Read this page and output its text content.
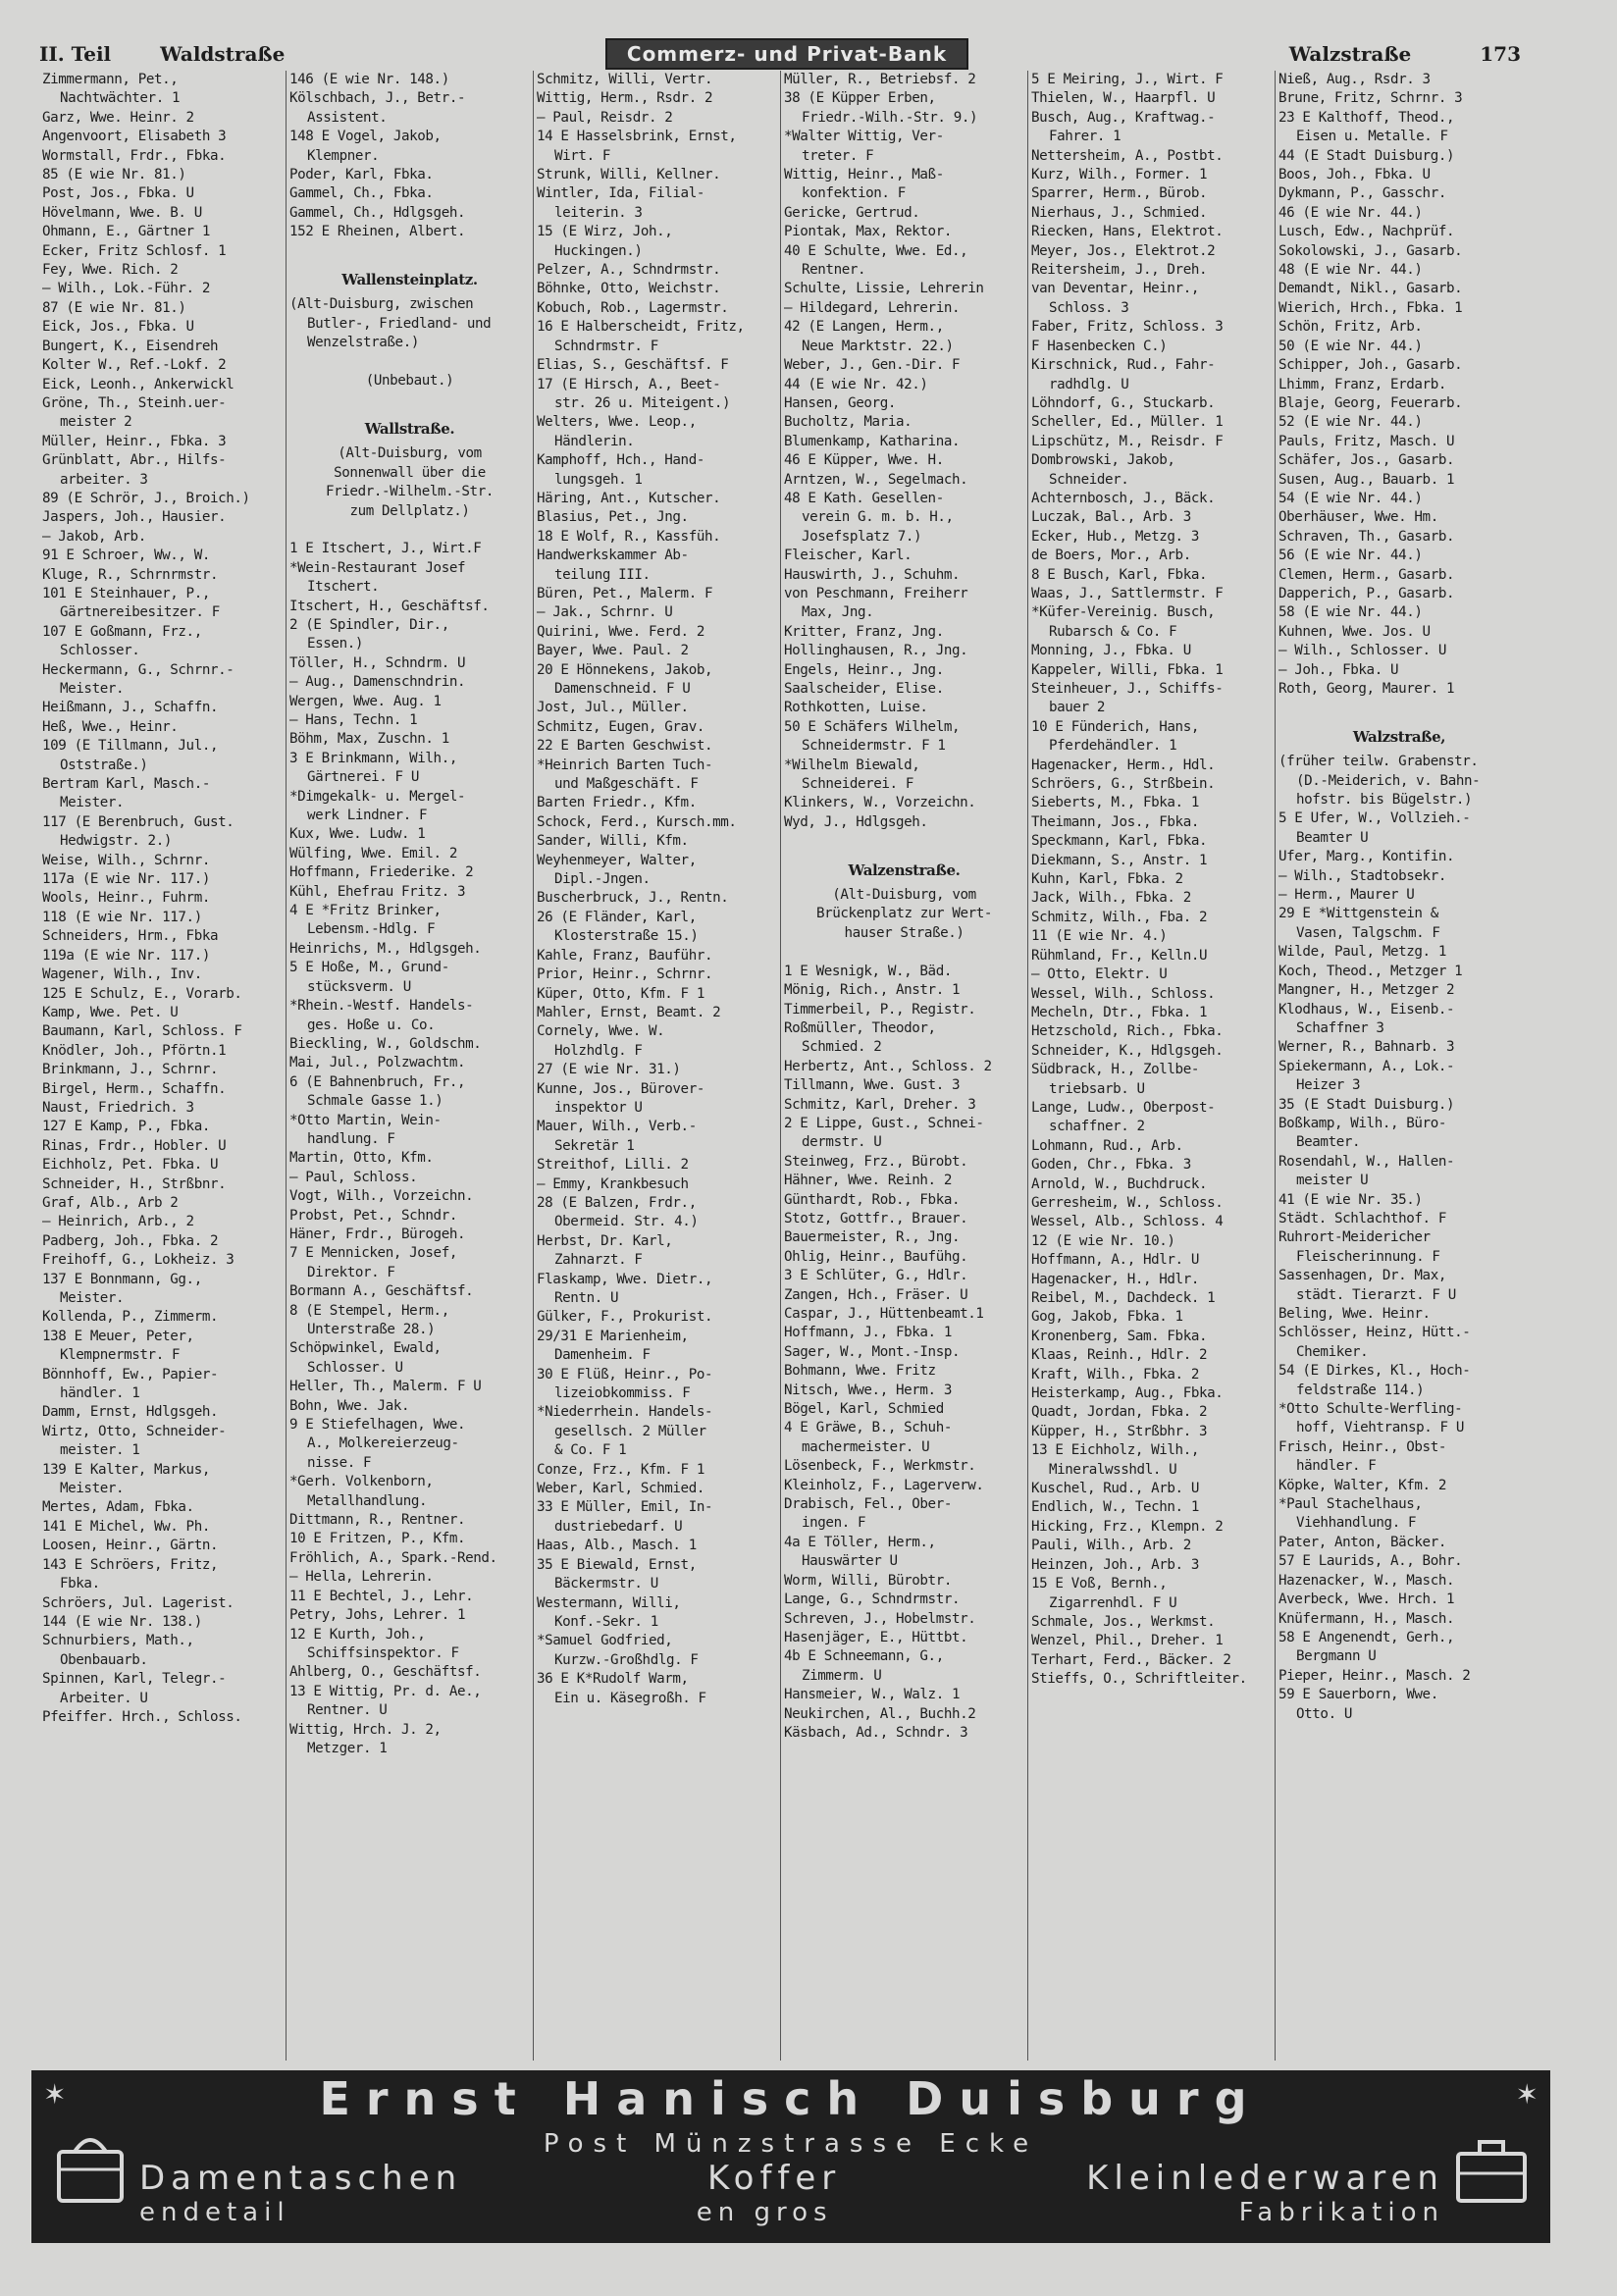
II. Teil	Waldstraße	Commerz- und Privat-Bank	Walzstraße	173
Zimmermann, Pet.,
Nachtwächter. 1
Garz, Wwe. Heinr. 2
Angenvoort, Elisabeth 3
Wormstall, Frdr., Fbka.
85 (E wie Nr. 81.)
Post, Jos., Fbka. U
Hövelmann, Wwe. B. U
Ohmann, E., Gärtner 1
Ecker, Fritz Schlosf. 1
Fey, Wwe. Rich. 2
— Wilh., Lok.-Führ. 2
87 (E wie Nr. 81.)
Eick, Jos., Fbka. U
Bungert, K., Eisendreh
Kolter W., Ref.-Lokf. 2
Eick, Leonh., Ankerwickl
Gröne, Th., Steinh.uer-
meister 2
Müller, Heinr., Fbka. 3
Grünblatt, Abr., Hilfs-
arbeiter. 3
89 (E Schrör, J., Broich.)
Jaspers, Joh., Hausier.
— Jakob, Arb.
91 E Schroer, Ww., W.
Kluge, R., Schrnrmstr.
101 E Steinhauer, P.,
Gärtnereibesitzer. F
107 E Goßmann, Frz.,
Schlosser.
Heckermann, G., Schrnr.-
Meister.
Heißmann, J., Schaffn.
Heß, Wwe., Heinr.
109 (E Tillmann, Jul.,
Oststraße.)
Bertram Karl, Masch.-
Meister.
117 (E Berenbruch, Gust.
Hedwigstr. 2.)
Weise, Wilh., Schrnr.
117a (E wie Nr. 117.)
Wools, Heinr., Fuhrm.
118 (E wie Nr. 117.)
Schneiders, Hrm., Fbka
119a (E wie Nr. 117.)
Wagener, Wilh., Inv.
125 E Schulz, E., Vorarb.
Kamp, Wwe. Pet. U
Baumann, Karl, Schloss. F
Knödler, Joh., Pförtn.1
Brinkmann, J., Schrnr.
Birgel, Herm., Schaffn.
Naust, Friedrich. 3
127 E Kamp, P., Fbka.
Rinas, Frdr., Hobler. U
Eichholz, Pet. Fbka. U
Schneider, H., Strßbnr.
Graf, Alb., Arb 2
— Heinrich, Arb., 2
Padberg, Joh., Fbka. 2
Freihoff, G., Lokheiz. 3
137 E Bonnmann, Gg.,
Meister.
Kollenda, P., Zimmerm.
138 E Meuer, Peter,
Klempnermstr. F
Bönnhoff, Ew., Papier-
händler. 1
Damm, Ernst, Hdlgsgeh.
Wirtz, Otto, Schneider-
meister. 1
139 E Kalter, Markus,
Meister.
Mertes, Adam, Fbka.
141 E Michel, Ww. Ph.
Loosen, Heinr., Gärtn.
143 E Schröers, Fritz,
Fbka.
Schröers, Jul. Lagerist.
144 (E wie Nr. 138.)
Schnurbiers, Math.,
Obenbauarb.
Spinnen, Karl, Telegr.-
Arbeiter. U
Pfeiffer. Hrch., Schloss.
146 (E wie Nr. 148.)
Kölschbach, J., Betr.-
Assistent.
148 E Vogel, Jakob,
Klempner.
Poder, Karl, Fbka.
Gammel, Ch., Fbka.
Gammel, Ch., Hdlgsgeh.
152 E Rheinen, Albert.

Wallensteinplatz.
(Alt-Duisburg, zwischen
Butler-, Friedland- und
Wenzelstraße.)

(Unbebaut.)

Wallstraße.
(Alt-Duisburg, vom
Sonnenwall über die
Friedr.-Wilhelm.-Str.
zum Dellplatz.)

1 E Itschert, J., Wirt.F
*Wein-Restaurant Josef
Itschert.
Itschert, H., Geschäftsf.
2 (E Spindler, Dir.,
Essen.)
Töller, H., Schndrm. U
— Aug., Damenschndrin.
Wergen, Wwe. Aug. 1
— Hans, Techn. 1
Böhm, Max, Zuschn. 1
3 E Brinkmann, Wilh.,
Gärtnerei. F U
*Dimgekalk- u. Mergel-
werk Lindner. F
Kux, Wwe. Ludw. 1
Wülfing, Wwe. Emil. 2
Hoffmann, Friederike. 2
Kühl, Ehefrau Fritz. 3
4 E *Fritz Brinker,
Lebensm.-Hdlg. F
Heinrichs, M., Hdlgsgeh.
5 E Hoße, M., Grund-
stücksverm. U
*Rhein.-Westf. Handels-
ges. Hoße u. Co.
Bieckling, W., Goldschm.
Mai, Jul., Polzwachtm.
6 (E Bahnenbruch, Fr.,
Schmale Gasse 1.)
*Otto Martin, Wein-
handlung. F
Martin, Otto, Kfm.
— Paul, Schloss.
Vogt, Wilh., Vorzeichn.
Probst, Pet., Schndr.
Häner, Frdr., Bürogeh.
7 E Mennicken, Josef,
Direktor. F
Bormann A., Geschäftsf.
8 (E Stempel, Herm.,
Unterstraße 28.)
Schöpwinkel, Ewald,
Schlosser. U
Heller, Th., Malerm. F U
Bohn, Wwe. Jak.
9 E Stiefelhagen, Wwe.
A., Molkereierzeug-
nisse. F
*Gerh. Volkenborn,
Metallhandlung.
Dittmann, R., Rentner.
10 E Fritzen, P., Kfm.
Fröhlich, A., Spark.-Rend.
— Hella, Lehrerin.
11 E Bechtel, J., Lehr.
Petry, Johs, Lehrer. 1
12 E Kurth, Joh.,
Schiffsinspektor. F
Ahlberg, O., Geschäftsf.
13 E Wittig, Pr. d. Ae.,
Rentner. U
Wittig, Hrch. J. 2,
Metzger. 1
Schmitz, Willi, Vertr.
Wittig, Herm., Rsdr. 2
— Paul, Reisdr. 2
14 E Hasselsbrink, Ernst,
Wirt. F
Strunk, Willi, Kellner.
Wintler, Ida, Filial-
leiterin. 3
15 (E Wirz, Joh.,
Huckingen.)
Pelzer, A., Schndrmstr.
Böhnke, Otto, Weichstr.
Kobuch, Rob., Lagermstr.
16 E Halberscheidt, Fritz,
Schndrmstr. F
Elias, S., Geschäftsf. F
17 (E Hirsch, A., Beet-
str. 26 u. Miteigent.)
Welters, Wwe. Leop.,
Händlerin.
Kamphoff, Hch., Hand-
lungsgeh. 1
Häring, Ant., Kutscher.
Blasius, Pet., Jng.
18 E Wolf, R., Kassfüh.
Handwerkskammer Ab-
teilung III.
Büren, Pet., Malerm. F
— Jak., Schrnr. U
Quirini, Wwe. Ferd. 2
Bayer, Wwe. Paul. 2
20 E Hönnekens, Jakob,
Damenschneid. F U
Jost, Jul., Müller.
Schmitz, Eugen, Grav.
22 E Barten Geschwist.
*Heinrich Barten Tuch-
und Maßgeschäft. F
Barten Friedr., Kfm.
Schock, Ferd., Kursch.mm.
Sander, Willi, Kfm.
Weyhenmeyer, Walter,
Dipl.-Jngen.
Buscherbruck, J., Rentn.
26 (E Fländer, Karl,
Klosterstraße 15.)
Kahle, Franz, Bauführ.
Prior, Heinr., Schrnr.
Küper, Otto, Kfm. F 1
Mahler, Ernst, Beamt. 2
Cornely, Wwe. W.
Holzhdlg. F
27 (E wie Nr. 31.)
Kunne, Jos., Bürover-
inspektor U
Mauer, Wilh., Verb.-
Sekretär 1
Streithof, Lilli. 2
— Emmy, Krankbesuch
28 (E Balzen, Frdr.,
Obermeid. Str. 4.)
Herbst, Dr. Karl,
Zahnarzt. F
Flaskamp, Wwe. Dietr.,
Rentn. U
Gülker, F., Prokurist.
29/31 E Marienheim,
Damenheim. F
30 E Flüß, Heinr., Po-
lizeiobkommiss. F
*Niederrhein. Handels-
gesellsch. 2 Müller
& Co. F 1
Conze, Frz., Kfm. F 1
Weber, Karl, Schmied.
33 E Müller, Emil, In-
dustriebedarf. U
Haas, Alb., Masch. 1
35 E Biewald, Ernst,
Bäckermstr. U
Westermann, Willi,
Konf.-Sekr. 1
*Samuel Godfried,
Kurzw.-Großhdlg. F
36 E K*Rudolf Warm,
Ein u. Käsegroßh. F
Müller, R., Betriebsf. 2
38 (E Küpper Erben,
Friedr.-Wilh.-Str. 9.)
*Walter Wittig, Ver-
treter. F
Wittig, Heinr., Maß-
konfektion. F
Gericke, Gertrud.
Piontak, Max, Rektor.
40 E Schulte, Wwe. Ed.,
Rentner.
Schulte, Lissie, Lehrerin
— Hildegard, Lehrerin.
42 (E Langen, Herm.,
Neue Marktstr. 22.)
Weber, J., Gen.-Dir. F
44 (E wie Nr. 42.)
Hansen, Georg.
Bucholtz, Maria.
Blumenkamp, Katharina.
46 E Küpper, Wwe. H.
Arntzen, W., Segelmach.
48 E Kath. Gesellen-
verein G. m. b. H.,
Josefsplatz 7.)
Fleischer, Karl.
Hauswirth, J., Schuhm.
von Peschmann, Freiherr
Max, Jng.
Kritter, Franz, Jng.
Hollinghausen, R., Jng.
Engels, Heinr., Jng.
Saalscheider, Elise.
Rothkotten, Luise.
50 E Schäfers Wilhelm,
Schneidermstr. F 1
*Wilhelm Biewald,
Schneiderei. F
Klinkers, W., Vorzeichn.
Wyd, J., Hdlgsgeh.

Walzenstraße.
(Alt-Duisburg, vom
Brückenplatz zur Wert-
hauser Straße.)

1 E Wesnigk, W., Bäd.
Mönig, Rich., Anstr. 1
Timmerbeil, P., Registr.
Roßmüller, Theodor,
Schmied. 2
Herbertz, Ant., Schloss. 2
Tillmann, Wwe. Gust. 3
Schmitz, Karl, Dreher. 3
2 E Lippe, Gust., Schnei-
dermstr. U
Steinweg, Frz., Bürobt.
Hähner, Wwe. Reinh. 2
Günthardt, Rob., Fbka.
Stotz, Gottfr., Brauer.
Bauermeister, R., Jng.
Ohlig, Heinr., Baufühg.
3 E Schlüter, G., Hdlr.
Zangen, Hch., Fräser. U
Caspar, J., Hüttenbeamt.1
Hoffmann, J., Fbka. 1
Sager, W., Mont.-Insp.
Bohmann, Wwe. Fritz
Nitsch, Wwe., Herm. 3
Bögel, Karl, Schmied
4 E Gräwe, B., Schuh-
machermeister. U
Lösenbeck, F., Werkmstr.
Kleinholz, F., Lagerverw.
Drabisch, Fel., Ober-
ingen. F
4a E Töller, Herm.,
Hauswärter U
Worm, Willi, Bürobtr.
Lange, G., Schndrmstr.
Schreven, J., Hobelmstr.
Hasenjäger, E., Hüttbt.
4b E Schneemann, G.,
Zimmerm. U
Hansmeier, W., Walz. 1
Neukirchen, Al., Buchh.2
Käsbach, Ad., Schndr. 3
5 E Meiring, J., Wirt. F
Thielen, W., Haarpfl. U
Busch, Aug., Kraftwag.-
Fahrer. 1
Nettersheim, A., Postbt.
Kurz, Wilh., Former. 1
Sparrer, Herm., Bürob.
Nierhaus, J., Schmied.
Riecken, Hans, Elektrot.
Meyer, Jos., Elektrot.2
Reitersheim, J., Dreh.
van Deventar, Heinr.,
Schloss. 3
Faber, Fritz, Schloss. 3
F Hasenbecken C.)
Kirschnick, Rud., Fahr-
radhdlg. U
Löhndorf, G., Stuckarb.
Scheller, Ed., Müller. 1
Lipschütz, M., Reisdr. F
Dombrowski, Jakob,
Schneider.
Achternbosch, J., Bäck.
Luczak, Bal., Arb. 3
Ecker, Hub., Metzg. 3
de Boers, Mor., Arb.
8 E Busch, Karl, Fbka.
Waas, J., Sattlermstr. F
*Küfer-Vereinig. Busch,
Rubarsch & Co. F
Monning, J., Fbka. U
Kappeler, Willi, Fbka. 1
Steinheuer, J., Schiffs-
bauer 2
10 E Fünderich, Hans,
Pferdehändler. 1
Hagenacker, Herm., Hdl.
Schröers, G., Strßbein.
Sieberts, M., Fbka. 1
Theimann, Jos., Fbka.
Speckmann, Karl, Fbka.
Diekmann, S., Anstr. 1
Kuhn, Karl, Fbka. 2
Jack, Wilh., Fbka. 2
Schmitz, Wilh., Fba. 2
11 (E wie Nr. 4.)
Rühmland, Fr., Kelln.U
— Otto, Elektr. U
Wessel, Wilh., Schloss.
Mecheln, Dtr., Fbka. 1
Hetzschold, Rich., Fbka.
Schneider, K., Hdlgsgeh.
Südbrack, H., Zollbe-
triebsarb. U
Lange, Ludw., Oberpost-
schaffner. 2
Lohmann, Rud., Arb.
Goden, Chr., Fbka. 3
Arnold, W., Buchdruck.
Gerresheim, W., Schloss.
Wessel, Alb., Schloss. 4
12 (E wie Nr. 10.)
Hoffmann, A., Hdlr. U
Hagenacker, H., Hdlr.
Reibel, M., Dachdeck. 1
Gog, Jakob, Fbka. 1
Kronenberg, Sam. Fbka.
Klaas, Reinh., Hdlr. 2
Kraft, Wilh., Fbka. 2
Heisterkamp, Aug., Fbka.
Quadt, Jordan, Fbka. 2
Küpper, H., Strßbhr. 3
13 E Eichholz, Wilh.,
Mineralwsshdl. U
Kuschel, Rud., Arb. U
Endlich, W., Techn. 1
Hicking, Frz., Klempn. 2
Pauli, Wilh., Arb. 2
Heinzen, Joh., Arb. 3
15 E Voß, Bernh.,
Zigarrenhdl. F U
Schmale, Jos., Werkmst.
Wenzel, Phil., Dreher. 1
Terhart, Ferd., Bäcker. 2
Stieffs, O., Schriftleiter.
Nieß, Aug., Rsdr. 3
Brune, Fritz, Schrnr. 3
23 E Kalthoff, Theod.,
Eisen u. Metalle. F
44 (E Stadt Duisburg.)
Boos, Joh., Fbka. U
Dykmann, P., Gasschr.
46 (E wie Nr. 44.)
Lusch, Edw., Nachprüf.
Sokolowski, J., Gasarb.
48 (E wie Nr. 44.)
Demandt, Nikl., Gasarb.
Wierich, Hrch., Fbka. 1
Schön, Fritz, Arb.
50 (E wie Nr. 44.)
Schipper, Joh., Gasarb.
Lhimm, Franz, Erdarb.
Blaje, Georg, Feuerarb.
52 (E wie Nr. 44.)
Pauls, Fritz, Masch. U
Schäfer, Jos., Gasarb.
Susen, Aug., Bauarb. 1
54 (E wie Nr. 44.)
Oberhäuser, Wwe. Hm.
Schraven, Th., Gasarb.
56 (E wie Nr. 44.)
Clemen, Herm., Gasarb.
Dapperich, P., Gasarb.
58 (E wie Nr. 44.)
Kuhnen, Wwe. Jos. U
— Wilh., Schlosser. U
— Joh., Fbka. U
Roth, Georg, Maurer. 1

Walzstraße,
(früher teilw. Grabenstr.
(D.-Meiderich, v. Bahn-
hofstr. bis Bügelstr.)
5 E Ufer, W., Vollzieh.-
Beamter U
Ufer, Marg., Kontifin.
— Wilh., Stadtobsekr.
— Herm., Maurer U
29 E *Wittgenstein &
Vasen, Talgschm. F
Wilde, Paul, Metzg. 1
Koch, Theod., Metzger 1
Mangner, H., Metzger 2
Klodhaus, W., Eisenb.-
Schaffner 3
Werner, R., Bahnarb. 3
Spiekermann, A., Lok.-
Heizer 3
35 (E Stadt Duisburg.)
Boßkamp, Wilh., Büro-
Beamter.
Rosendahl, W., Hallen-
meister U
41 (E wie Nr. 35.)
Städt. Schlachthof. F
Ruhrort-Meidericher
Fleischerinnung. F
Sassenhagen, Dr. Max,
städt. Tierarzt. F U
Beling, Wwe. Heinr.
Schlösser, Heinz, Hütt.-
Chemiker.
54 (E Dirkes, Kl., Hoch-
feldstraße 114.)
*Otto Schulte-Werfling-
hoff, Viehtransp. F U
Frisch, Heinr., Obst-
händler. F
Köpke, Walter, Kfm. 2
*Paul Stachelhaus,
Viehhandlung. F
Pater, Anton, Bäcker.
57 E Laurids, A., Bohr.
Hazenacker, W., Masch.
Averbeck, Wwe. Hrch. 1
Knüfermann, H., Masch.
58 E Angenendt, Gerh.,
Bergmann U
Pieper, Heinr., Masch. 2
59 E Sauerborn, Wwe.
Otto. U
✶	✶
Ernst Hanisch Duisburg
Post Münzstrasse Ecke
Damentaschen	Koffer	Kleinlederwaren
endetail	en gros	Fabrikation
